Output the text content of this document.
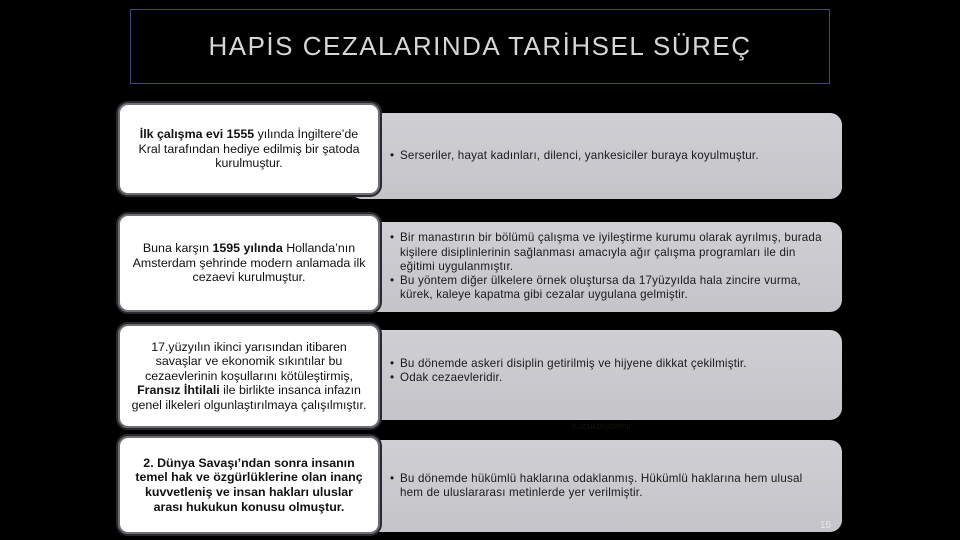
HAPİS CEZALARINDA TARİHSEL SÜREÇ
• Serseriler, hayat kadınları, dilenci, yankesiciler buraya koyulmuştur.
İlk çalışma evi 1555 yılında İngiltere’de Kral tarafından hediye edilmiş bir şatoda kurulmuştur.
• Bir manastırın bir bölümü çalışma ve iyileştirme kurumu olarak ayrılmış, burada kişilere disiplinlerinin sağlanması amacıyla ağır çalışma programları ile din eğitimi uygulanmıştır.
• Bu yöntem diğer ülkelere örnek oluştursa da 17yüzyılda hala zincire vurma, kürek, kaleye kapatma gibi cezalar uygulana gelmiştir.
Buna karşın 1595 yılında Hollanda’nın Amsterdam şehrinde modern anlamada ilk cezaevi kurulmuştur.
• Bu dönemde askeri disiplin getirilmiş ve hijyene dikkat çekilmiştir.
• Odak cezaevleridir.
17.yüzyılın ikinci yarısından itibaren savaşlar ve ekonomik sıkıntılar bu cezaevlerinin koşullarını kötüleştirmiş, Fransız İhtilali ile birlikte insanca infazın genel ilkeleri olgunlaştırılmaya çalışılmıştır.
Küçüktaşdemir
• Bu dönemde hükümlü haklarına odaklanmış. Hükümlü haklarına hem ulusal hem de uluslararası metinlerde yer verilmiştir.
2. Dünya Savaşı’ndan sonra insanın temel hak ve özgürlüklerine olan inanç kuvvetleniş ve insan hakları uluslar arası hukukun konusu olmuştur.
15
